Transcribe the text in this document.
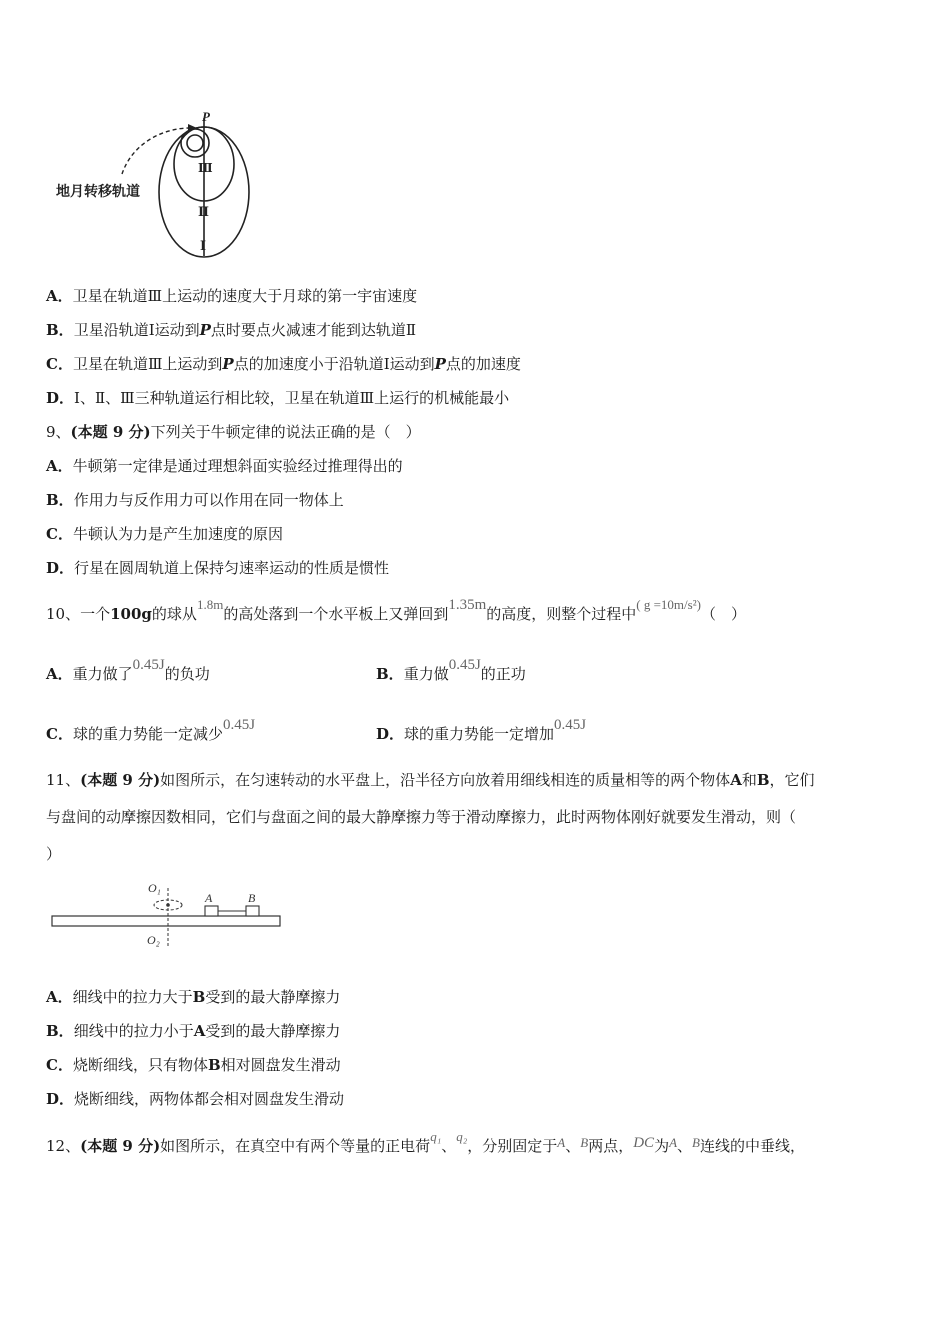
P
Ⅲ
Ⅱ
Ⅰ
地月转移轨道
A．卫星在轨道Ⅲ上运动的速度大于月球的第一宇宙速度
B．卫星沿轨道Ⅰ运动到P点时要点火减速才能到达轨道Ⅱ
C．卫星在轨道Ⅲ上运动到P点的加速度小于沿轨道Ⅰ运动到P点的加速度
D．Ⅰ、Ⅱ、Ⅲ三种轨道运行相比较，卫星在轨道Ⅲ上运行的机械能最小
9、(本题 9 分)下列关于牛顿定律的说法正确的是（　）
A．牛顿第一定律是通过理想斜面实验经过推理得出的
B．作用力与反作用力可以作用在同一物体上
C．牛顿认为力是产生加速度的原因
D．行星在圆周轨道上保持匀速率运动的性质是惯性
10、一个100g的球从1.8m的高处落到一个水平板上又弹回到1.35m的高度，则整个过程中( g =10m/s²)（　）
A．重力做了0.45J的负功	B．重力做0.45J的正功
C．球的重力势能一定减少0.45J	D．球的重力势能一定增加0.45J
11、(本题 9 分)如图所示，在匀速转动的水平盘上，沿半径方向放着用细线相连的质量相等的两个物体A和B，它们
与盘间的动摩擦因数相同，它们与盘面之间的最大静摩擦力等于滑动摩擦力，此时两物体刚好就要发生滑动，则（
）
O₁
A	B
O₂
A．细线中的拉力大于B受到的最大静摩擦力
B．细线中的拉力小于A受到的最大静摩擦力
C．烧断细线，只有物体B相对圆盘发生滑动
D．烧断细线，两物体都会相对圆盘发生滑动
12、(本题 9 分)如图所示，在真空中有两个等量的正电荷q₁、q₂，分别固定于A、B两点，DC为A、B连线的中垂线，
